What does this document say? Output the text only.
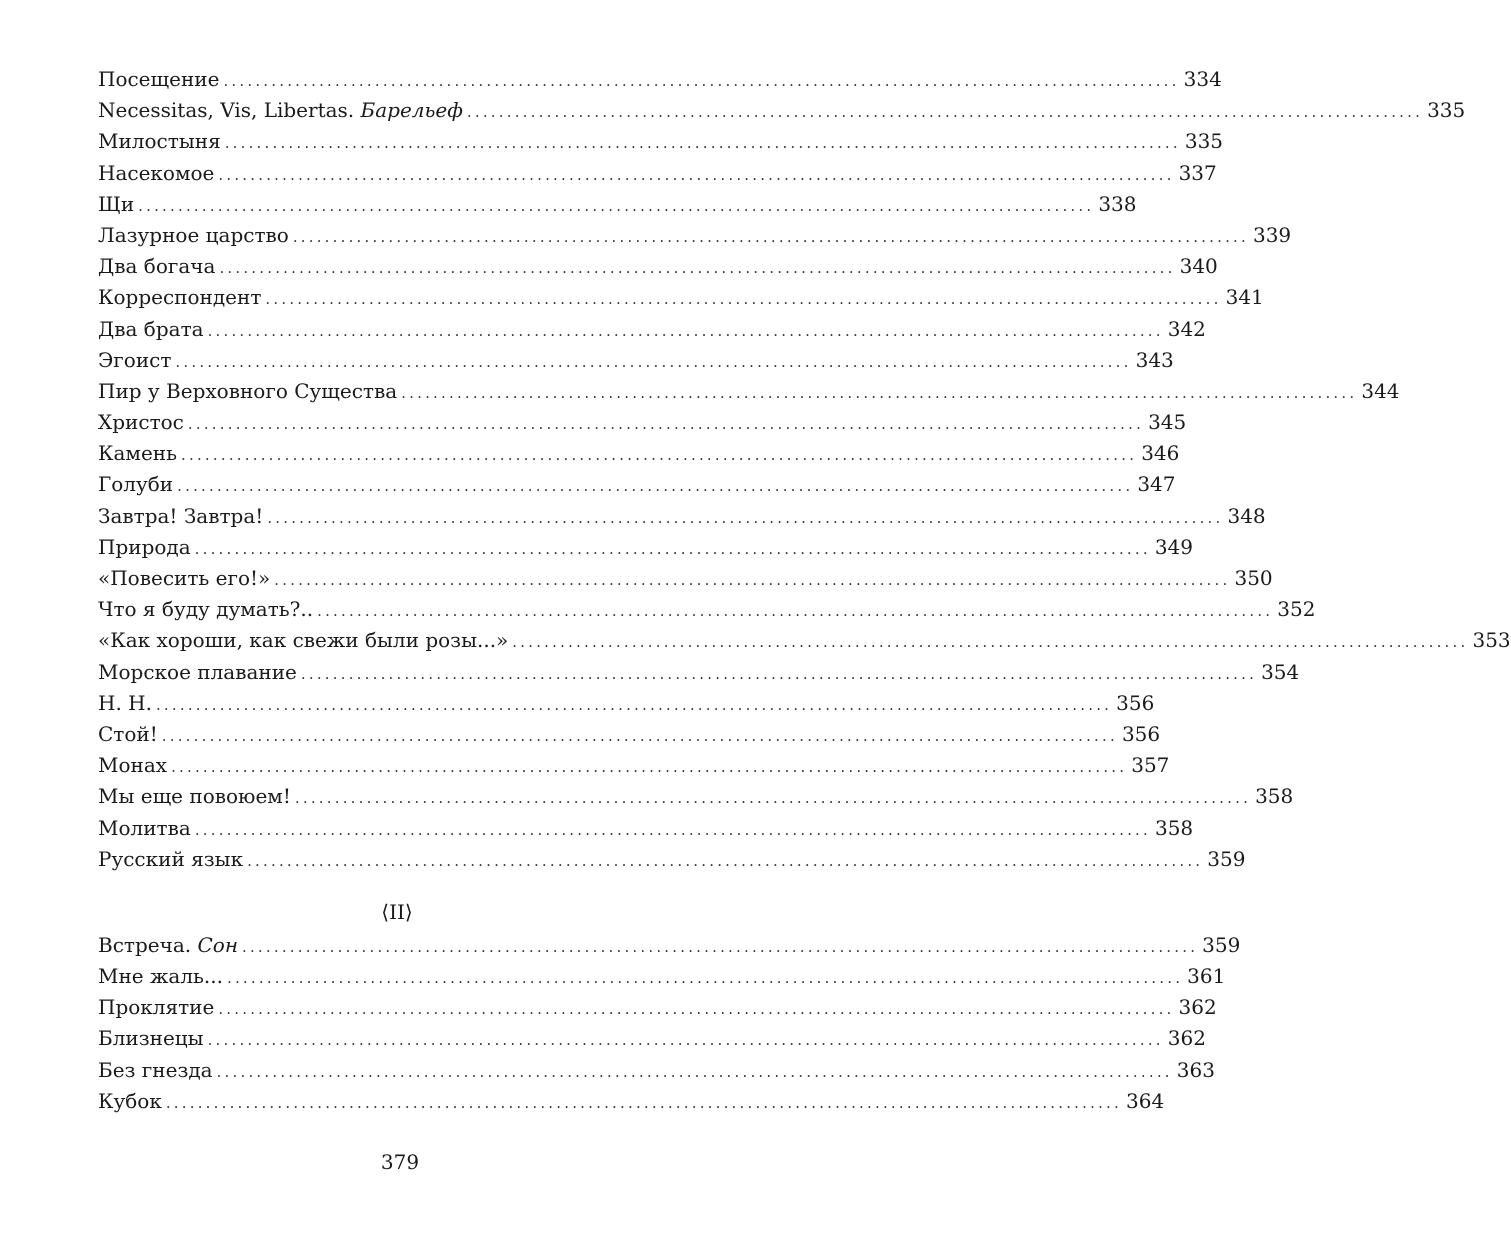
Посещение ........................................................................................................................ 334
Necessitas, Vis, Libertas. Барельеф ........................................................................................................................ 335
Милостыня ........................................................................................................................ 335
Насекомое ........................................................................................................................ 337
Щи ........................................................................................................................ 338
Лазурное царство ........................................................................................................................ 339
Два богача ........................................................................................................................ 340
Корреспондент ........................................................................................................................ 341
Два брата ........................................................................................................................ 342
Эгоист ........................................................................................................................ 343
Пир у Верховного Существа ........................................................................................................................ 344
Христос ........................................................................................................................ 345
Камень ........................................................................................................................ 346
Голуби ........................................................................................................................ 347
Завтра! Завтра! ........................................................................................................................ 348
Природа ........................................................................................................................ 349
«Повесить его!» ........................................................................................................................ 350
Что я буду думать?.. ........................................................................................................................ 352
«Как хороши, как свежи были розы...» ........................................................................................................................ 353
Морское плавание ........................................................................................................................ 354
Н. Н. ........................................................................................................................ 356
Стой! ........................................................................................................................ 356
Монах ........................................................................................................................ 357
Мы еще повоюем! ........................................................................................................................ 358
Молитва ........................................................................................................................ 358
Русский язык ........................................................................................................................ 359
⟨II⟩
Встреча. Сон ........................................................................................................................ 359
Мне жаль... ........................................................................................................................ 361
Проклятие ........................................................................................................................ 362
Близнецы ........................................................................................................................ 362
Без гнезда ........................................................................................................................ 363
Кубок ........................................................................................................................ 364
379
